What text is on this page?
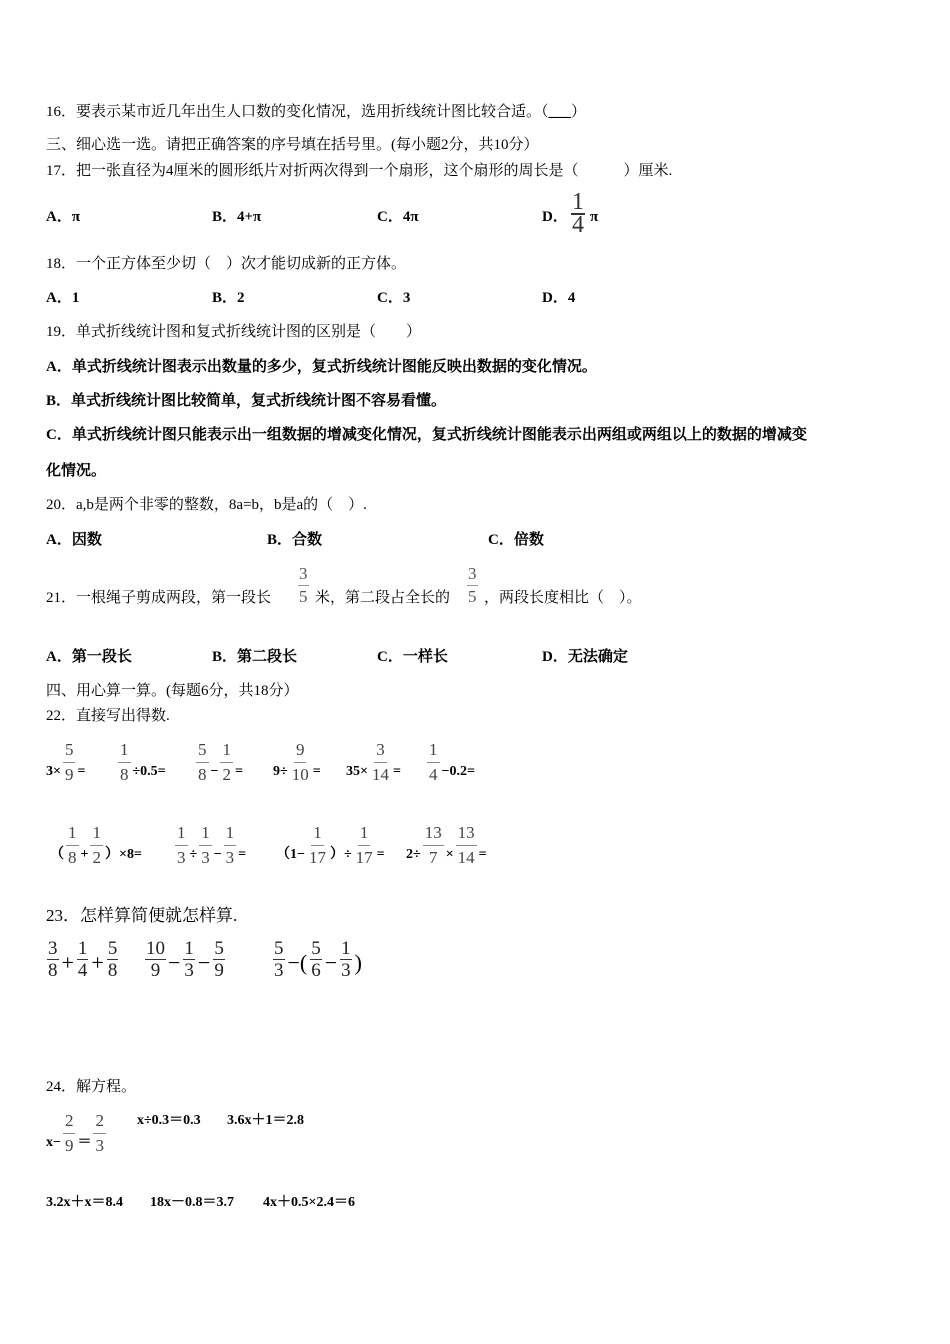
16．要表示某市近几年出生人口数的变化情况，选用折线统计图比较合适。（___）
三、细心选一选。请把正确答案的序号填在括号里。(每小题2分，共10分）
17．把一张直径为4厘米的圆形纸片对折两次得到一个扇形，这个扇形的周长是（　　　）厘米.
A．π	B．4+π	C．4π	D． $\frac{1}{4}$ π
18．一个正方体至少切（　）次才能切成新的正方体。
A．1	B．2	C．3	D．4
19．单式折线统计图和复式折线统计图的区别是（　　）
A．单式折线统计图表示出数量的多少，复式折线统计图能反映出数据的变化情况。
B．单式折线统计图比较简单，复式折线统计图不容易看懂。
C．单式折线统计图只能表示出一组数据的增减变化情况，复式折线统计图能表示出两组或两组以上的数据的增减变
化情况。
20．a,b是两个非零的整数，8a=b，b是a的（　）.
A．因数	B．合数	C．倍数
21．一根绳子剪成两段，第一段长 $\frac{3}{5}$ 米，第二段占全长的 $\frac{3}{5}$ ，两段长度相比（　）。
A．第一段长	B．第二段长	C．一样长	D．无法确定
四、用心算一算。(每题6分，共18分）
22．直接写出得数.
$3\times \frac{5}{9} = \frac{1}{8} \div 0.5= \frac{5}{8} - \frac{1}{2} = 9\div \frac{9}{10} = 35\times \frac{3}{14} = \frac{1}{4} -0.2=$
（ $\frac{1}{8} + \frac{1}{2} )\times 8= \frac{1}{3} \div \frac{1}{3} - \frac{1}{3} = (1- \frac{1}{17}$ ）÷ $\frac{1}{17} = 2\div \frac{13}{7} \times \frac{13}{14}$ =
23．怎样算简便就怎样算.
$\frac{3}{8} + \frac{1}{4} + \frac{5}{8} \frac{10}{9} - \frac{1}{3} - \frac{5}{9} \frac{5}{3}$ −( $\frac{5}{6} - \frac{1}{3}$ )
24．解方程。
$x- \frac{2}{9} = \frac{2}{3} x\div 0.3=0.3$ 3.6x＋1＝2.8
3.2x＋x＝8.4 18x－0.8＝3.7 4x＋0.5×2.4＝6
